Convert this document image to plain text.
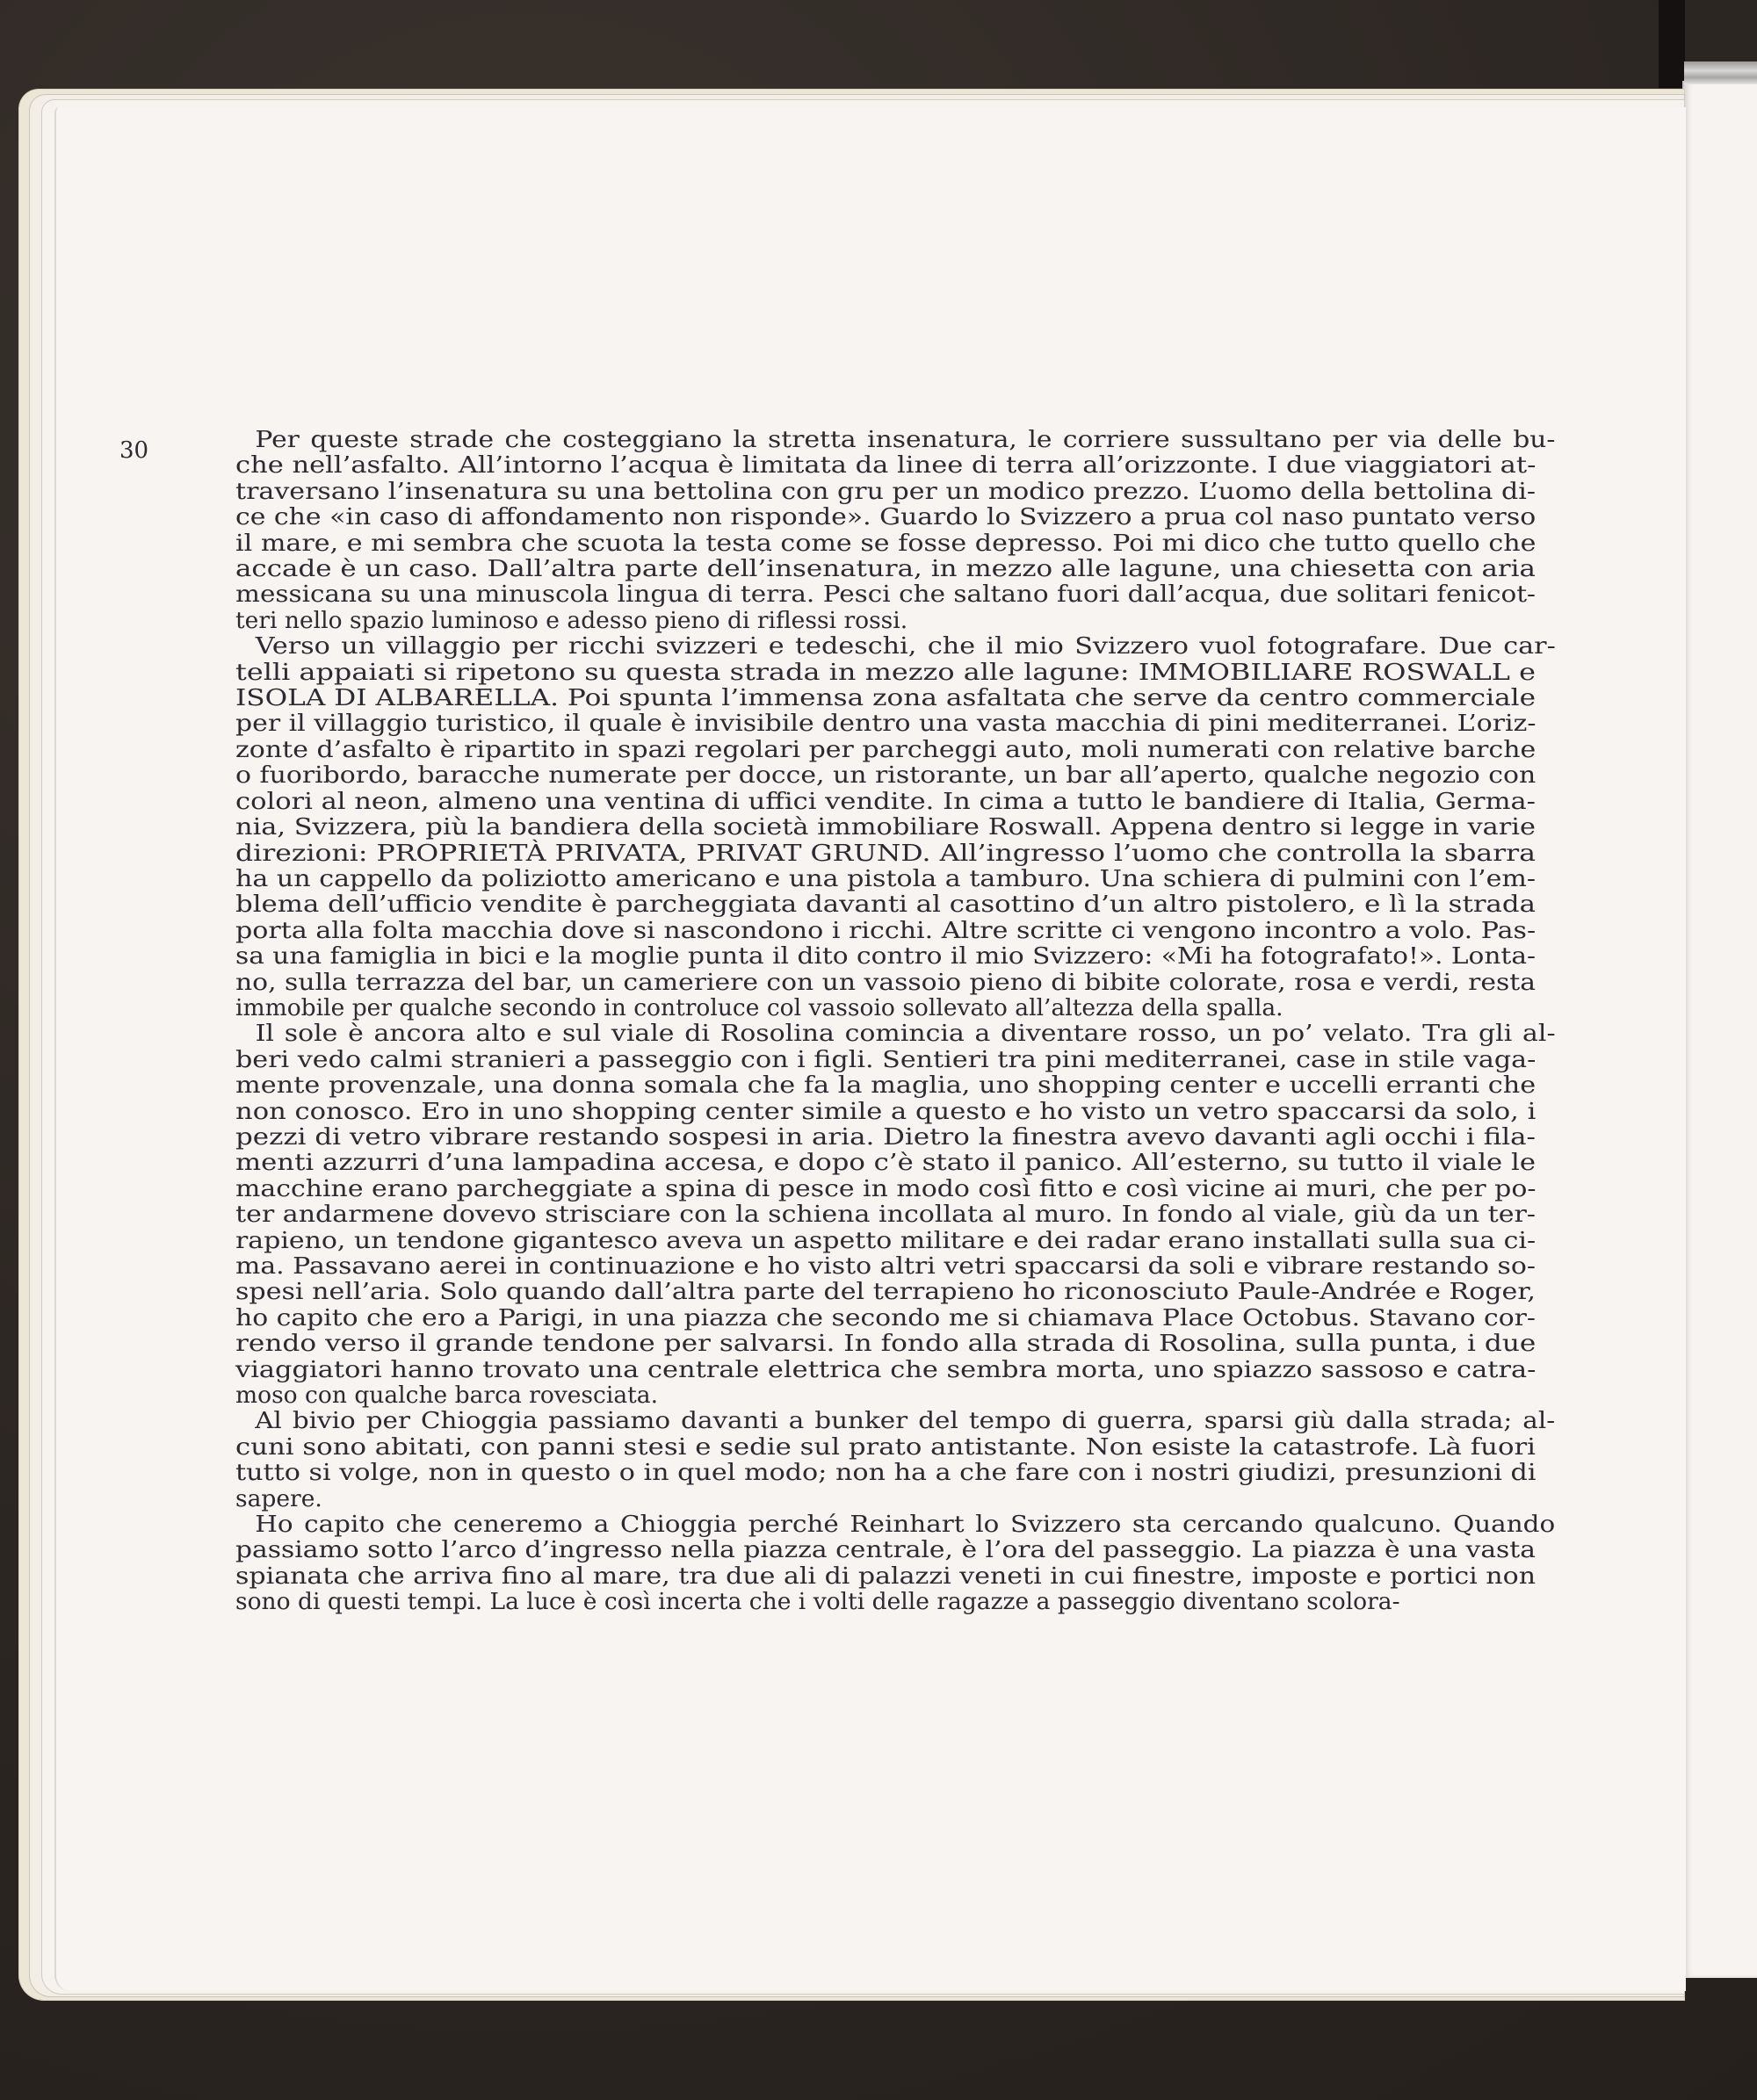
30	Per queste strade che costeggiano la stretta insenatura, le corriere sussultano per via delle bu-
che nell’asfalto. All’intorno l’acqua è limitata da linee di terra all’orizzonte. I due viaggiatori at-
traversano l’insenatura su una bettolina con gru per un modico prezzo. L’uomo della bettolina di-
ce che «in caso di affondamento non risponde». Guardo lo Svizzero a prua col naso puntato verso
il mare, e mi sembra che scuota la testa come se fosse depresso. Poi mi dico che tutto quello che
accade è un caso. Dall’altra parte dell’insenatura, in mezzo alle lagune, una chiesetta con aria
messicana su una minuscola lingua di terra. Pesci che saltano fuori dall’acqua, due solitari fenicot-
teri nello spazio luminoso e adesso pieno di riflessi rossi.
Verso un villaggio per ricchi svizzeri e tedeschi, che il mio Svizzero vuol fotografare. Due car-
telli appaiati si ripetono su questa strada in mezzo alle lagune: IMMOBILIARE ROSWALL e
ISOLA DI ALBARELLA. Poi spunta l’immensa zona asfaltata che serve da centro commerciale
per il villaggio turistico, il quale è invisibile dentro una vasta macchia di pini mediterranei. L’oriz-
zonte d’asfalto è ripartito in spazi regolari per parcheggi auto, moli numerati con relative barche
o fuoribordo, baracche numerate per docce, un ristorante, un bar all’aperto, qualche negozio con
colori al neon, almeno una ventina di uffici vendite. In cima a tutto le bandiere di Italia, Germa-
nia, Svizzera, più la bandiera della società immobiliare Roswall. Appena dentro si legge in varie
direzioni: PROPRIETÀ PRIVATA, PRIVAT GRUND. All’ingresso l’uomo che controlla la sbarra
ha un cappello da poliziotto americano e una pistola a tamburo. Una schiera di pulmini con l’em-
blema dell’ufficio vendite è parcheggiata davanti al casottino d’un altro pistolero, e lì la strada
porta alla folta macchia dove si nascondono i ricchi. Altre scritte ci vengono incontro a volo. Pas-
sa una famiglia in bici e la moglie punta il dito contro il mio Svizzero: «Mi ha fotografato!». Lonta-
no, sulla terrazza del bar, un cameriere con un vassoio pieno di bibite colorate, rosa e verdi, resta
immobile per qualche secondo in controluce col vassoio sollevato all’altezza della spalla.
Il sole è ancora alto e sul viale di Rosolina comincia a diventare rosso, un po’ velato. Tra gli al-
beri vedo calmi stranieri a passeggio con i figli. Sentieri tra pini mediterranei, case in stile vaga-
mente provenzale, una donna somala che fa la maglia, uno shopping center e uccelli erranti che
non conosco. Ero in uno shopping center simile a questo e ho visto un vetro spaccarsi da solo, i
pezzi di vetro vibrare restando sospesi in aria. Dietro la finestra avevo davanti agli occhi i fila-
menti azzurri d’una lampadina accesa, e dopo c’è stato il panico. All’esterno, su tutto il viale le
macchine erano parcheggiate a spina di pesce in modo così fitto e così vicine ai muri, che per po-
ter andarmene dovevo strisciare con la schiena incollata al muro. In fondo al viale, giù da un ter-
rapieno, un tendone gigantesco aveva un aspetto militare e dei radar erano installati sulla sua ci-
ma. Passavano aerei in continuazione e ho visto altri vetri spaccarsi da soli e vibrare restando so-
spesi nell’aria. Solo quando dall’altra parte del terrapieno ho riconosciuto Paule-Andrée e Roger,
ho capito che ero a Parigi, in una piazza che secondo me si chiamava Place Octobus. Stavano cor-
rendo verso il grande tendone per salvarsi. In fondo alla strada di Rosolina, sulla punta, i due
viaggiatori hanno trovato una centrale elettrica che sembra morta, uno spiazzo sassoso e catra-
moso con qualche barca rovesciata.
Al bivio per Chioggia passiamo davanti a bunker del tempo di guerra, sparsi giù dalla strada; al-
cuni sono abitati, con panni stesi e sedie sul prato antistante. Non esiste la catastrofe. Là fuori
tutto si volge, non in questo o in quel modo; non ha a che fare con i nostri giudizi, presunzioni di
sapere.
Ho capito che ceneremo a Chioggia perché Reinhart lo Svizzero sta cercando qualcuno. Quando
passiamo sotto l’arco d’ingresso nella piazza centrale, è l’ora del passeggio. La piazza è una vasta
spianata che arriva fino al mare, tra due ali di palazzi veneti in cui finestre, imposte e portici non
sono di questi tempi. La luce è così incerta che i volti delle ragazze a passeggio diventano scolora-
